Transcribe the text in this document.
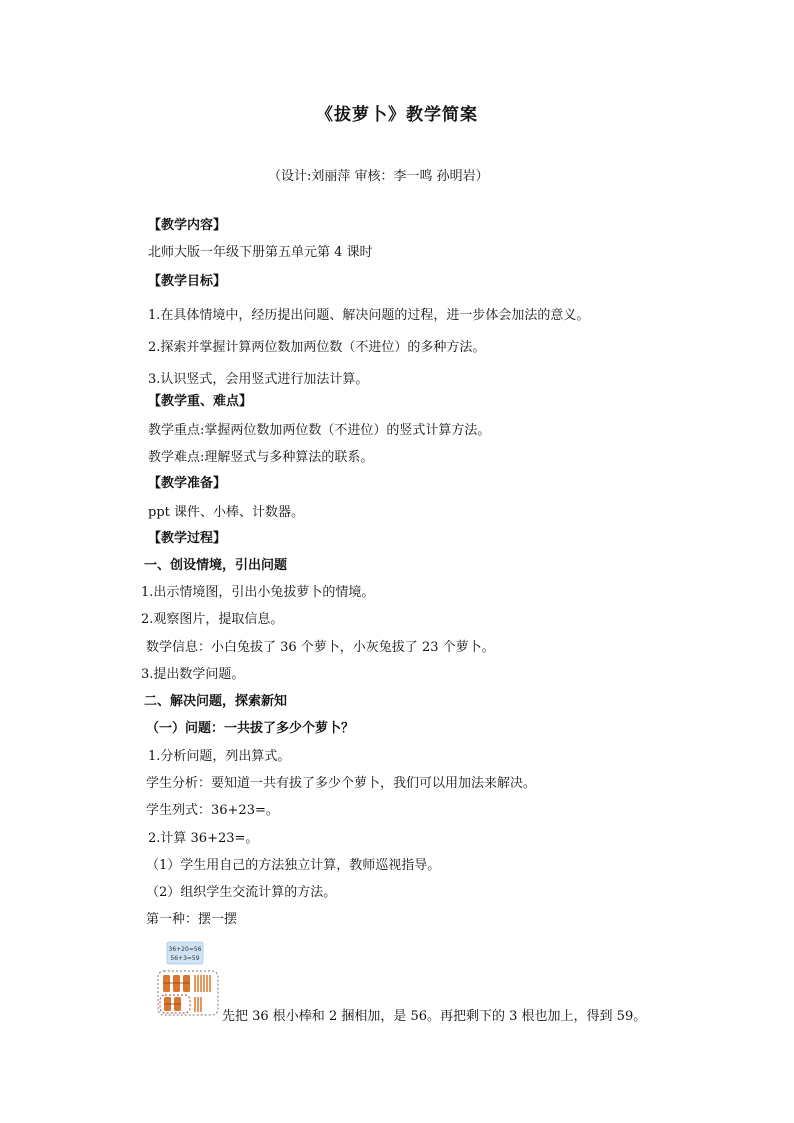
《拔萝卜》教学简案
（设计:刘丽萍 审核：李一鸣 孙明岩）
【教学内容】
北师大版一年级下册第五单元第 4 课时
【教学目标】
1.在具体情境中，经历提出问题、解决问题的过程，进一步体会加法的意义。
2.探索并掌握计算两位数加两位数（不进位）的多种方法。
3.认识竖式，会用竖式进行加法计算。
【教学重、难点】
教学重点:掌握两位数加两位数（不进位）的竖式计算方法。
教学难点:理解竖式与多种算法的联系。
【教学准备】
ppt 课件、小棒、计数器。
【教学过程】
一、创设情境，引出问题
1.出示情境图，引出小兔拔萝卜的情境。
2.观察图片，提取信息。
数学信息：小白兔拔了 36 个萝卜，小灰兔拔了 23 个萝卜。
3.提出数学问题。
二、解决问题，探索新知
（一）问题：一共拔了多少个萝卜？
1.分析问题，列出算式。
学生分析：要知道一共有拔了多少个萝卜，我们可以用加法来解决。
学生列式：36+23=。
2.计算 36+23=。
（1）学生用自己的方法独立计算，教师巡视指导。
（2）组织学生交流计算的方法。
第一种：摆一摆
36+20=56
56+3=59
先把 36 根小棒和 2 捆相加，是 56。再把剩下的 3 根也加上，得到 59。
